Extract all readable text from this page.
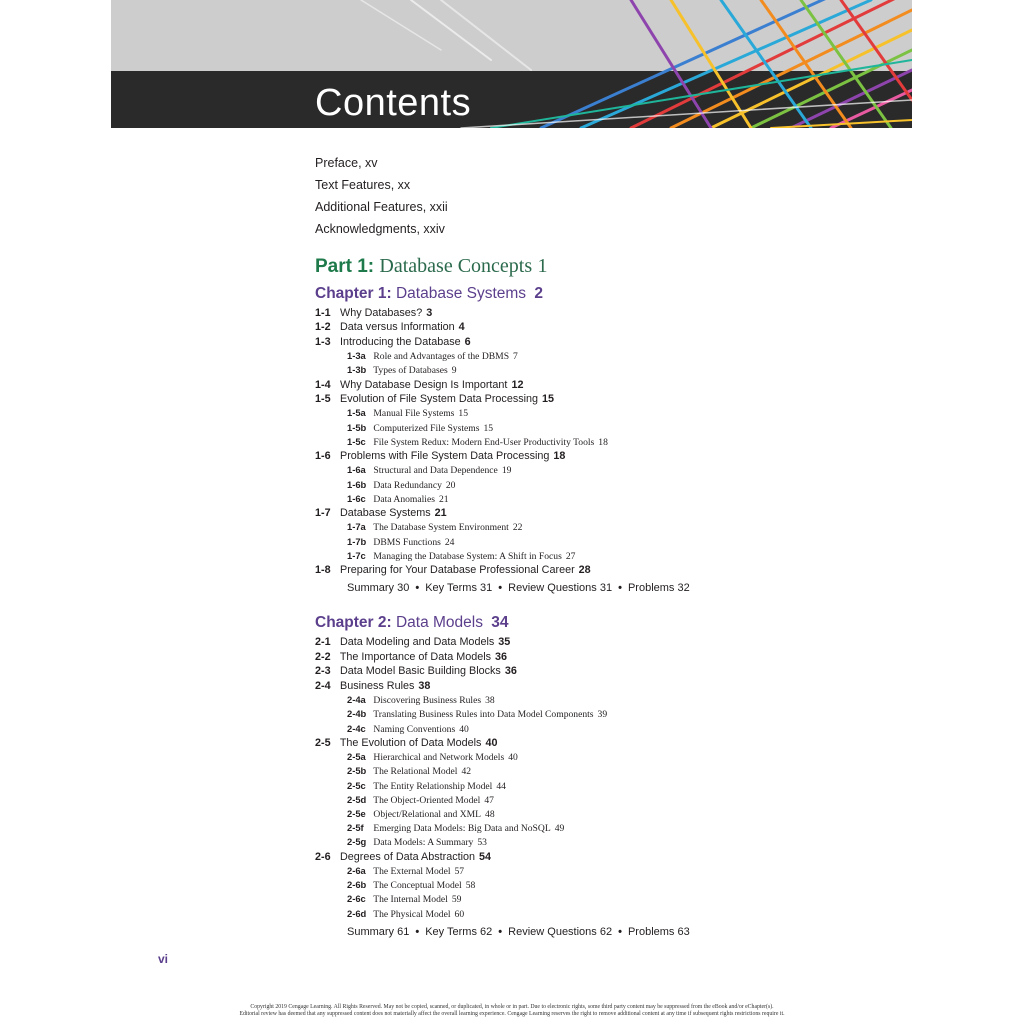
Contents
Preface, xv
Text Features, xx
Additional Features, xxii
Acknowledgments, xxiv
Part 1: Database Concepts 1
Chapter 1: Database Systems 2
1-1 Why Databases? 3
1-2 Data versus Information 4
1-3 Introducing the Database 6
1-3a Role and Advantages of the DBMS 7
1-3b Types of Databases 9
1-4 Why Database Design Is Important 12
1-5 Evolution of File System Data Processing 15
1-5a Manual File Systems 15
1-5b Computerized File Systems 15
1-5c File System Redux: Modern End-User Productivity Tools 18
1-6 Problems with File System Data Processing 18
1-6a Structural and Data Dependence 19
1-6b Data Redundancy 20
1-6c Data Anomalies 21
1-7 Database Systems 21
1-7a The Database System Environment 22
1-7b DBMS Functions 24
1-7c Managing the Database System: A Shift in Focus 27
1-8 Preparing for Your Database Professional Career 28
Summary 30 • Key Terms 31 • Review Questions 31 • Problems 32
Chapter 2: Data Models 34
2-1 Data Modeling and Data Models 35
2-2 The Importance of Data Models 36
2-3 Data Model Basic Building Blocks 36
2-4 Business Rules 38
2-4a Discovering Business Rules 38
2-4b Translating Business Rules into Data Model Components 39
2-4c Naming Conventions 40
2-5 The Evolution of Data Models 40
2-5a Hierarchical and Network Models 40
2-5b The Relational Model 42
2-5c The Entity Relationship Model 44
2-5d The Object-Oriented Model 47
2-5e Object/Relational and XML 48
2-5f Emerging Data Models: Big Data and NoSQL 49
2-5g Data Models: A Summary 53
2-6 Degrees of Data Abstraction 54
2-6a The External Model 57
2-6b The Conceptual Model 58
2-6c The Internal Model 59
2-6d The Physical Model 60
Summary 61 • Key Terms 62 • Review Questions 62 • Problems 63
vi
Copyright 2019 Cengage Learning. All Rights Reserved. May not be copied, scanned, or duplicated, in whole or in part. Due to electronic rights, some third party content may be suppressed from the eBook and/or eChapter(s).
Editorial review has deemed that any suppressed content does not materially affect the overall learning experience. Cengage Learning reserves the right to remove additional content at any time if subsequent rights restrictions require it.
